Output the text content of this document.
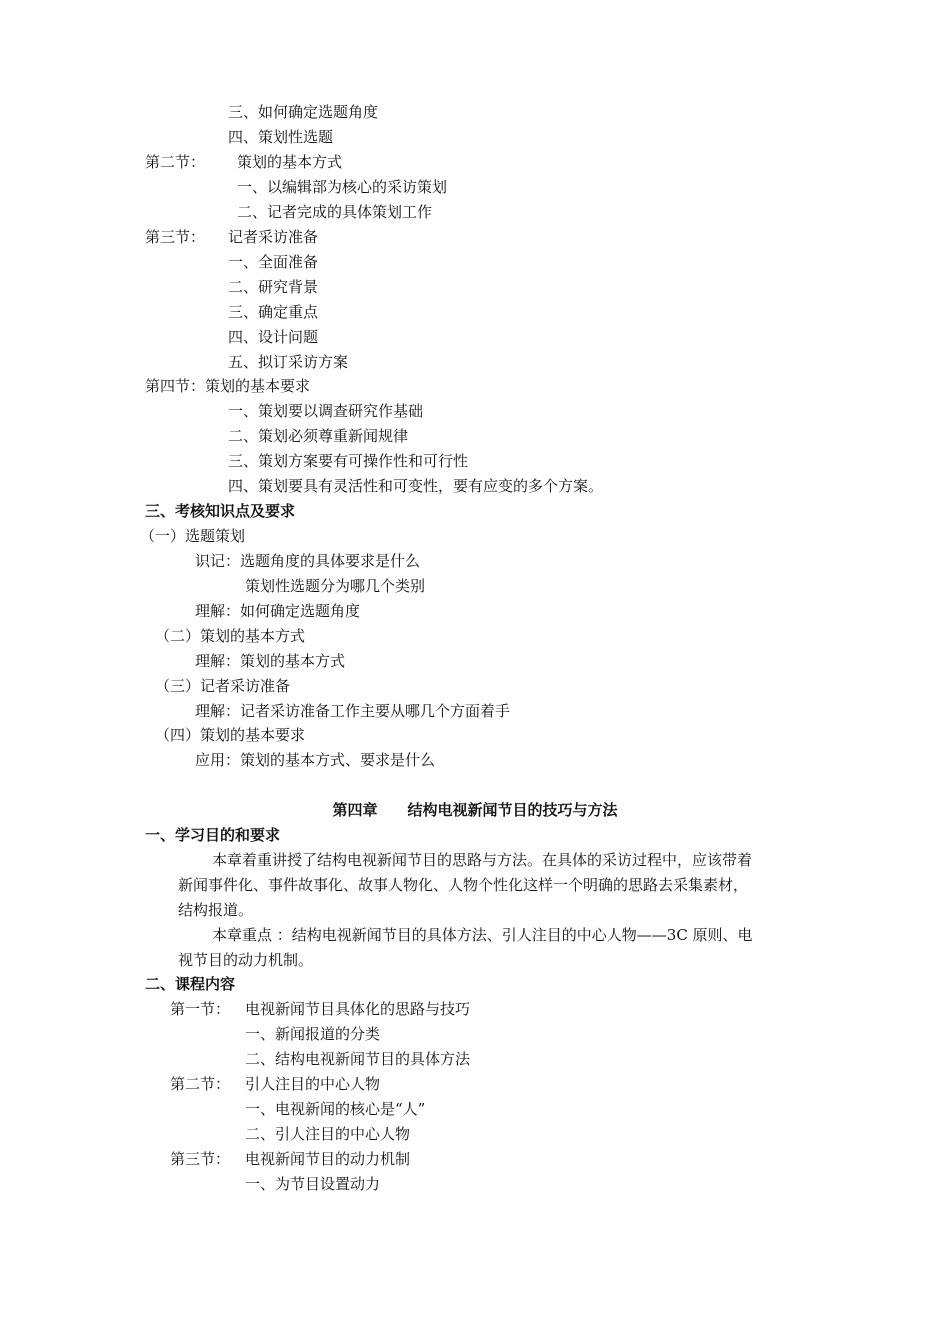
三、如何确定选题角度
四、策划性选题
第二节： 策划的基本方式
一、以编辑部为核心的采访策划
二、记者完成的具体策划工作
第三节： 记者采访准备
一、全面准备
二、研究背景
三、确定重点
四、设计问题
五、拟订采访方案
第四节：策划的基本要求
一、策划要以调查研究作基础
二、策划必须尊重新闻规律
三、策划方案要有可操作性和可行性
四、策划要具有灵活性和可变性，要有应变的多个方案。
三、考核知识点及要求
（一）选题策划
识记：选题角度的具体要求是什么
策划性选题分为哪几个类别
理解：如何确定选题角度
（二）策划的基本方式
理解：策划的基本方式
（三）记者采访准备
理解：记者采访准备工作主要从哪几个方面着手
（四）策划的基本要求
应用：策划的基本方式、要求是什么
第四章　　结构电视新闻节目的技巧与方法
一、学习目的和要求
本章着重讲授了结构电视新闻节目的思路与方法。在具体的采访过程中，应该带着
新闻事件化、事件故事化、故事人物化、人物个性化这样一个明确的思路去采集素材，
结构报道。
本章重点 ：结构电视新闻节目的具体方法、引人注目的中心人物——3C 原则、电
视节目的动力机制。
二、课程内容
第一节： 电视新闻节目具体化的思路与技巧
一、新闻报道的分类
二、结构电视新闻节目的具体方法
第二节： 引人注目的中心人物
一、电视新闻的核心是“人”
二、引人注目的中心人物
第三节： 电视新闻节目的动力机制
一、为节目设置动力
